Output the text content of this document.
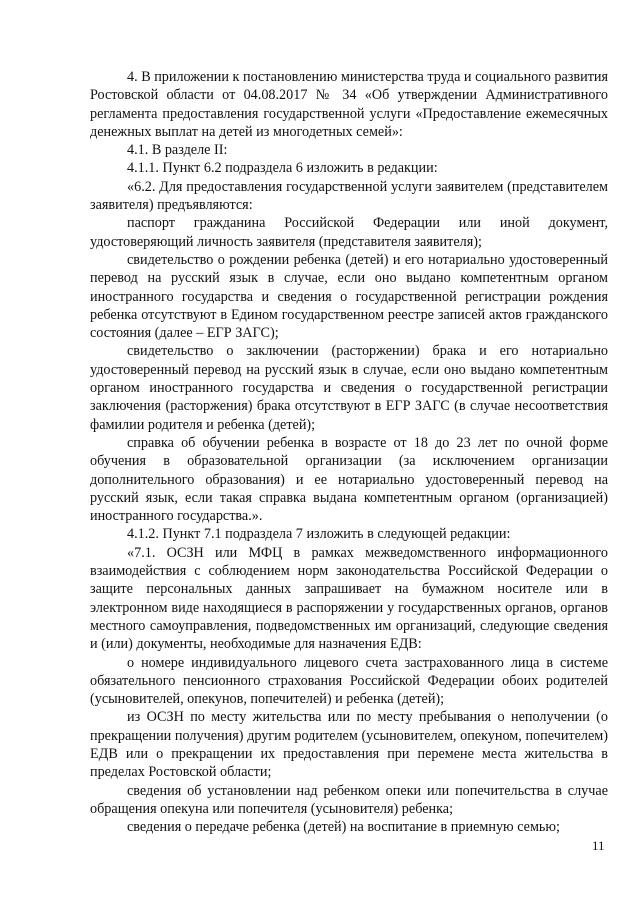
4. В приложении к постановлению министерства труда и социального развития Ростовской области от 04.08.2017 № 34 «Об утверждении Административного регламента предоставления государственной услуги «Предоставление ежемесячных денежных выплат на детей из многодетных семей»:

4.1. В разделе II:

4.1.1. Пункт 6.2 подраздела 6 изложить в редакции:

«6.2. Для предоставления государственной услуги заявителем (представителем заявителя) предъявляются:

паспорт гражданина Российской Федерации или иной документ, удостоверяющий личность заявителя (представителя заявителя);

свидетельство о рождении ребенка (детей) и его нотариально удостоверенный перевод на русский язык в случае, если оно выдано компетентным органом иностранного государства и сведения о государственной регистрации рождения ребенка отсутствуют в Едином государственном реестре записей актов гражданского состояния (далее – ЕГР ЗАГС);

свидетельство о заключении (расторжении) брака и его нотариально удостоверенный перевод на русский язык в случае, если оно выдано компетентным органом иностранного государства и сведения о государственной регистрации заключения (расторжения) брака отсутствуют в ЕГР ЗАГС (в случае несоответствия фамилии родителя и ребенка (детей);

справка об обучении ребенка в возрасте от 18 до 23 лет по очной форме обучения в образовательной организации (за исключением организации дополнительного образования) и ее нотариально удостоверенный перевод на русский язык, если такая справка выдана компетентным органом (организацией) иностранного государства.».

4.1.2. Пункт 7.1 подраздела 7 изложить в следующей редакции:

«7.1. ОСЗН или МФЦ в рамках межведомственного информационного взаимодействия с соблюдением норм законодательства Российской Федерации о защите персональных данных запрашивает на бумажном носителе или в электронном виде находящиеся в распоряжении у государственных органов, органов местного самоуправления, подведомственных им организаций, следующие сведения и (или) документы, необходимые для назначения ЕДВ:

о номере индивидуального лицевого счета застрахованного лица в системе обязательного пенсионного страхования Российской Федерации обоих родителей (усыновителей, опекунов, попечителей) и ребенка (детей);

из ОСЗН по месту жительства или по месту пребывания о неполучении (о прекращении получения) другим родителем (усыновителем, опекуном, попечителем) ЕДВ или о прекращении их предоставления при перемене места жительства в пределах Ростовской области;

сведения об установлении над ребенком опеки или попечительства в случае обращения опекуна или попечителя (усыновителя) ребенка;

сведения о передаче ребенка (детей) на воспитание в приемную семью;

11
